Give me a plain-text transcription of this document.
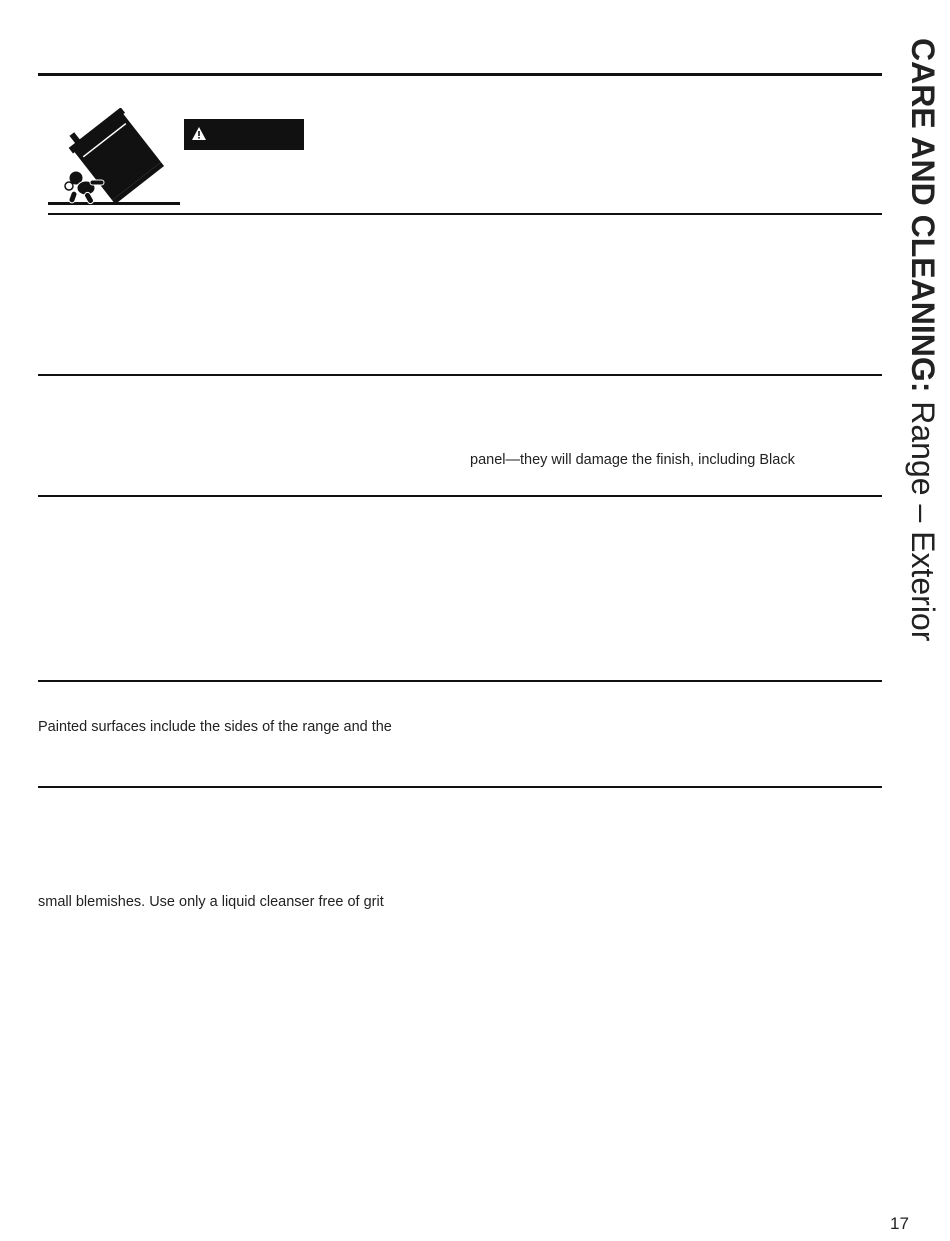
panel—they will damage the finish, including Black
Painted surfaces include the sides of the range and the
small blemishes. Use only a liquid cleanser free of grit
CARE AND CLEANING: Range – Exterior
17
